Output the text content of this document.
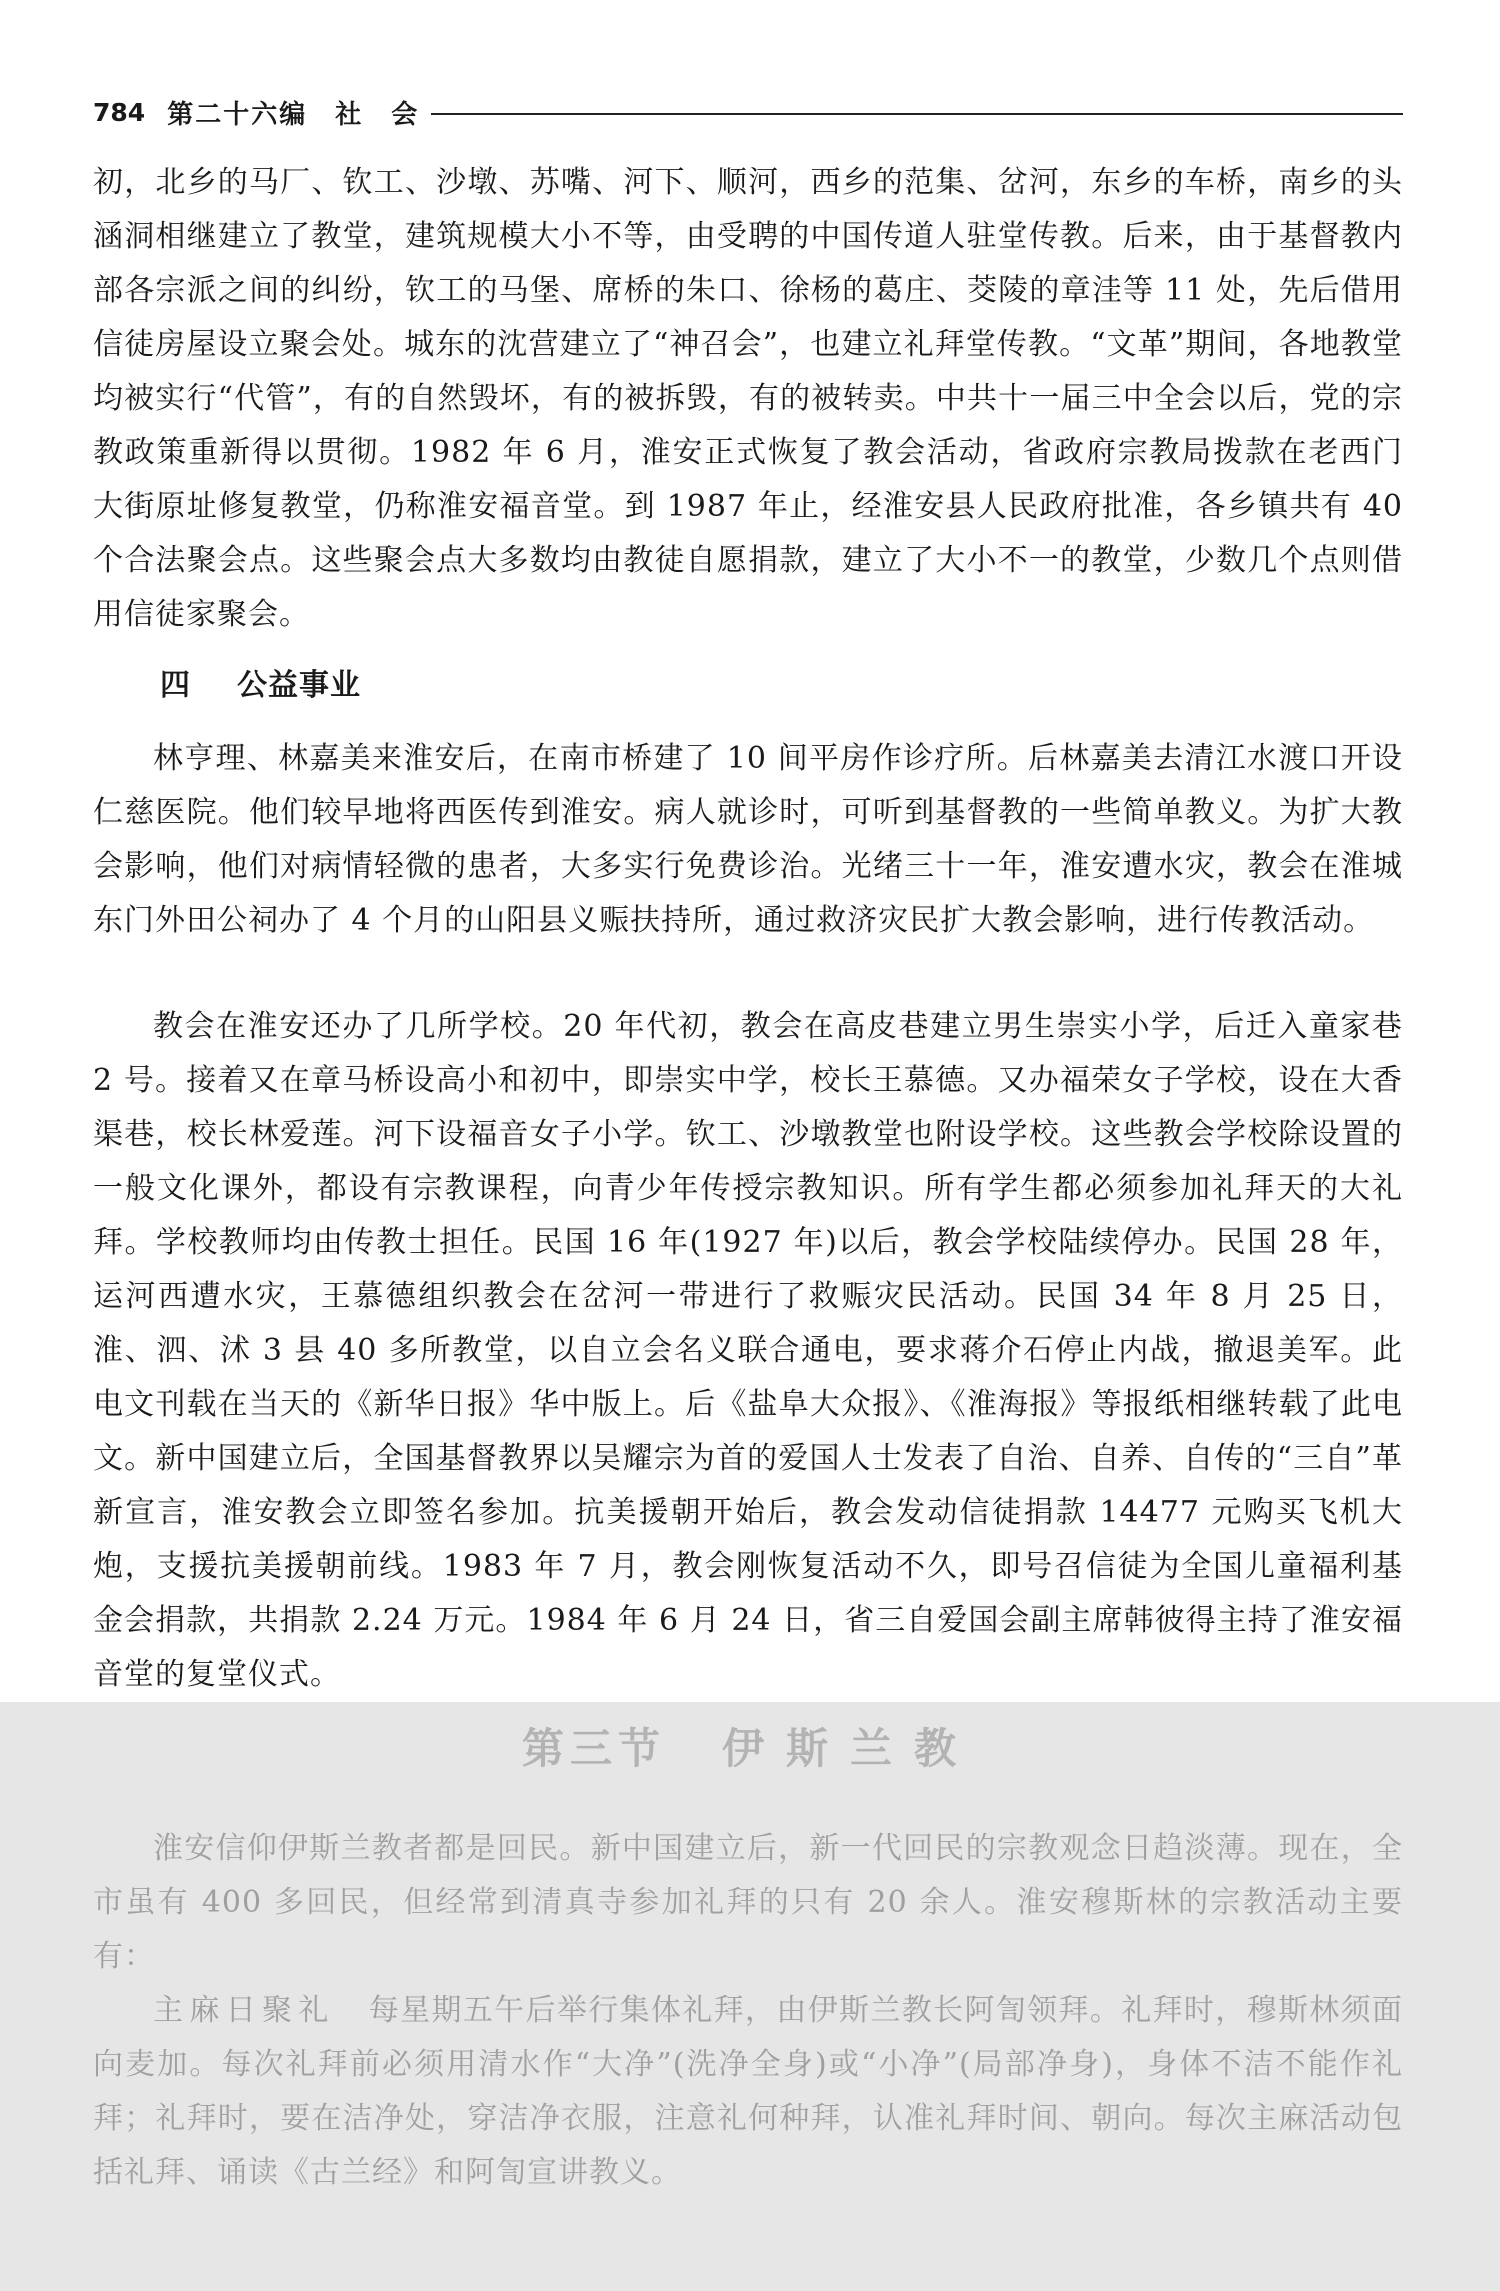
784 第二十六编　社　会

初，北乡的马厂、钦工、沙墩、苏嘴、河下、顺河，西乡的范集、岔河，东乡的车桥，南乡的头涵洞相继建立了教堂，建筑规模大小不等，由受聘的中国传道人驻堂传教。后来，由于基督教内部各宗派之间的纠纷，钦工的马堡、席桥的朱口、徐杨的葛庄、茭陵的章洼等 11 处，先后借用信徒房屋设立聚会处。城东的沈营建立了“神召会”，也建立礼拜堂传教。“文革”期间，各地教堂均被实行“代管”，有的自然毁坏，有的被拆毁，有的被转卖。中共十一届三中全会以后，党的宗教政策重新得以贯彻。1982 年 6 月，淮安正式恢复了教会活动，省政府宗教局拨款在老西门大街原址修复教堂，仍称淮安福音堂。到 1987 年止，经淮安县人民政府批准，各乡镇共有 40 个合法聚会点。这些聚会点大多数均由教徒自愿捐款，建立了大小不一的教堂，少数几个点则借用信徒家聚会。

四 公益事业

林亨理、林嘉美来淮安后，在南市桥建了 10 间平房作诊疗所。后林嘉美去清江水渡口开设仁慈医院。他们较早地将西医传到淮安。病人就诊时，可听到基督教的一些简单教义。为扩大教会影响，他们对病情轻微的患者，大多实行免费诊治。光绪三十一年，淮安遭水灾，教会在淮城东门外田公祠办了 4 个月的山阳县义赈扶持所，通过救济灾民扩大教会影响，进行传教活动。

教会在淮安还办了几所学校。20 年代初，教会在高皮巷建立男生崇实小学，后迁入童家巷 2 号。接着又在章马桥设高小和初中，即崇实中学，校长王慕德。又办福荣女子学校，设在大香渠巷，校长林爱莲。河下设福音女子小学。钦工、沙墩教堂也附设学校。这些教会学校除设置的一般文化课外，都设有宗教课程，向青少年传授宗教知识。所有学生都必须参加礼拜天的大礼拜。学校教师均由传教士担任。民国 16 年(1927 年)以后，教会学校陆续停办。民国 28 年，运河西遭水灾，王慕德组织教会在岔河一带进行了救赈灾民活动。民国 34 年 8 月 25 日，淮、泗、沭 3 县 40 多所教堂，以自立会名义联合通电，要求蒋介石停止内战，撤退美军。此电文刊载在当天的《新华日报》华中版上。后《盐阜大众报》、《淮海报》等报纸相继转载了此电文。新中国建立后，全国基督教界以吴耀宗为首的爱国人士发表了自治、自养、自传的“三自”革新宣言，淮安教会立即签名参加。抗美援朝开始后，教会发动信徒捐款 14477 元购买飞机大炮，支援抗美援朝前线。1983 年 7 月，教会刚恢复活动不久，即号召信徒为全国儿童福利基金会捐款，共捐款 2.24 万元。1984 年 6 月 24 日，省三自爱国会副主席韩彼得主持了淮安福音堂的复堂仪式。

第三节 伊斯兰教

淮安信仰伊斯兰教者都是回民。新中国建立后，新一代回民的宗教观念日趋淡薄。现在，全市虽有 400 多回民，但经常到清真寺参加礼拜的只有 20 余人。淮安穆斯林的宗教活动主要有：

主麻日聚礼 每星期五午后举行集体礼拜，由伊斯兰教长阿訇领拜。礼拜时，穆斯林须面向麦加。每次礼拜前必须用清水作“大净”(洗净全身)或“小净”(局部净身)，身体不洁不能作礼拜；礼拜时，要在洁净处，穿洁净衣服，注意礼何种拜，认准礼拜时间、朝向。每次主麻活动包括礼拜、诵读《古兰经》和阿訇宣讲教义。
